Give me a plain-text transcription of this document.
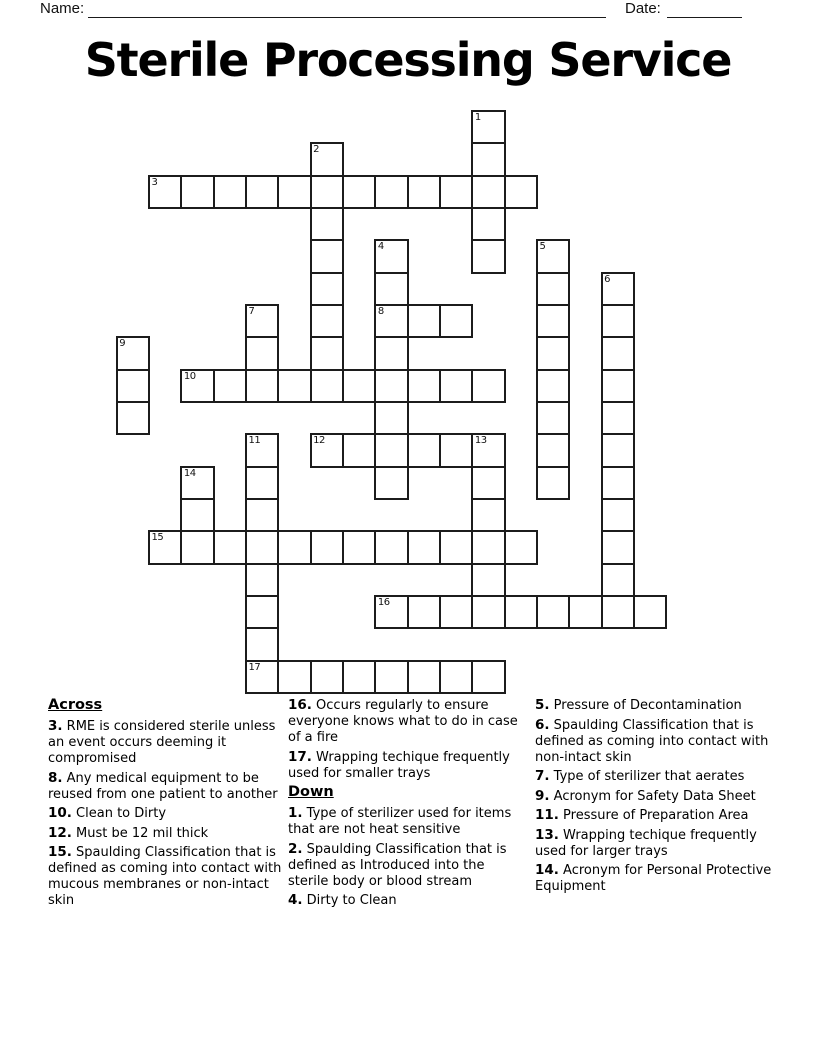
Name:	Date:
Sterile Processing Service
1
2
3
4
8
5
6
7
9
10
11
17
12	13
14
15
16

Across

3. RME is considered sterile unless an event occurs deeming it compromised

8. Any medical equipment to be reused from one patient to another

10. Clean to Dirty

12. Must be 12 mil thick

15. Spaulding Classification that is defined as coming into contact with mucous membranes or non-intact skin

16. Occurs regularly to ensure everyone knows what to do in case of a fire

17. Wrapping techique frequently used for smaller trays

Down

1. Type of sterilizer used for items that are not heat sensitive

2. Spaulding Classification that is defined as Introduced into the sterile body or blood stream

4. Dirty to Clean

5. Pressure of Decontamination

6. Spaulding Classification that is defined as coming into contact with non-intact skin

7. Type of sterilizer that aerates

9. Acronym for Safety Data Sheet

11. Pressure of Preparation Area

13. Wrapping techique frequently used for larger trays

14. Acronym for Personal Protective Equipment
